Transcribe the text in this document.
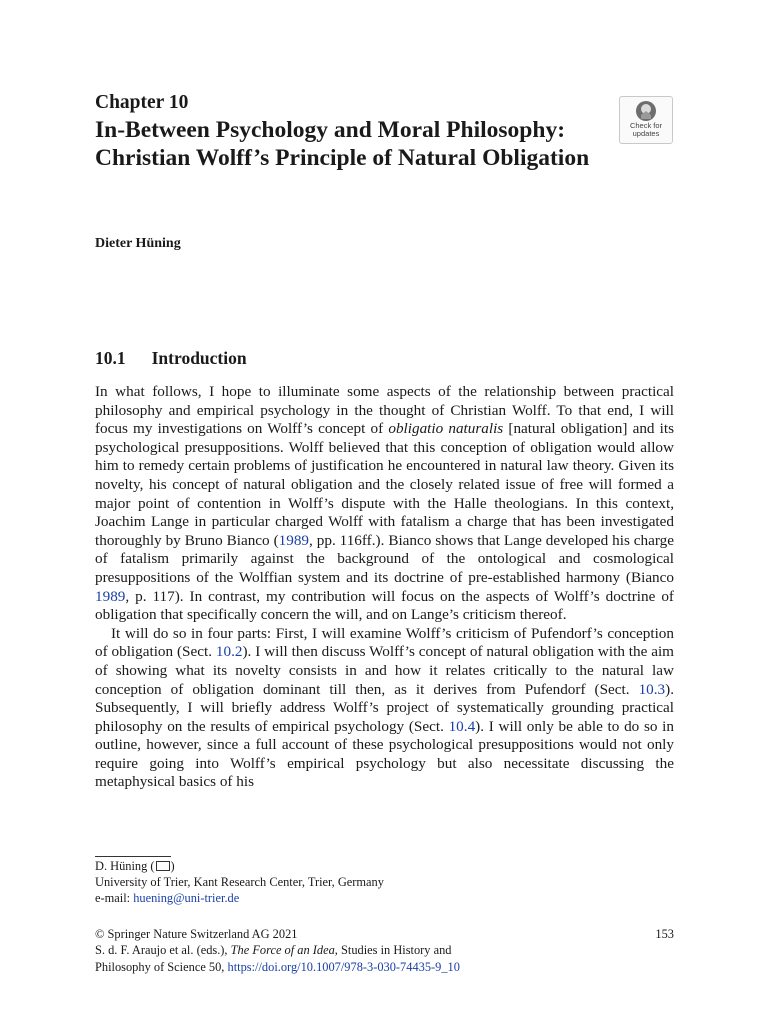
Chapter 10
In-Between Psychology and Moral Philosophy: Christian Wolff’s Principle of Natural Obligation
Check for
updates
Dieter Hüning
10.1 Introduction

In what follows, I hope to illuminate some aspects of the relationship between practical philosophy and empirical psychology in the thought of Christian Wolff. To that end, I will focus my investigations on Wolff’s concept of obligatio naturalis [natural obligation] and its psychological presuppositions. Wolff believed that this conception of obligation would allow him to remedy certain problems of justification he encountered in natural law theory. Given its novelty, his concept of natural obligation and the closely related issue of free will formed a major point of contention in Wolff’s dispute with the Halle theologians. In this context, Joachim Lange in particular charged Wolff with fatalism a charge that has been investigated thoroughly by Bruno Bianco (1989, pp. 116ff.). Bianco shows that Lange developed his charge of fatalism primarily against the background of the ontological and cosmological presuppositions of the Wolffian system and its doctrine of pre-established harmony (Bianco 1989, p. 117). In contrast, my contribution will focus on the aspects of Wolff’s doctrine of obligation that specifically concern the will, and on Lange’s criticism thereof.

It will do so in four parts: First, I will examine Wolff’s criticism of Pufendorf’s conception of obligation (Sect. 10.2). I will then discuss Wolff’s concept of natural obligation with the aim of showing what its novelty consists in and how it relates critically to the natural law conception of obligation dominant till then, as it derives from Pufendorf (Sect. 10.3). Subsequently, I will briefly address Wolff’s project of systematically grounding practical philosophy on the results of empirical psychology (Sect. 10.4). I will only be able to do so in outline, however, since a full account of these psychological presuppositions would not only require going into Wolff’s empirical psychology but also necessitate discussing the metaphysical basics of his

D. Hüning ( )
University of Trier, Kant Research Center, Trier, Germany
e-mail: huening@uni-trier.de
© Springer Nature Switzerland AG 2021	153
S. d. F. Araujo et al. (eds.), The Force of an Idea, Studies in History and
Philosophy of Science 50, https://doi.org/10.1007/978-3-030-74435-9_10
